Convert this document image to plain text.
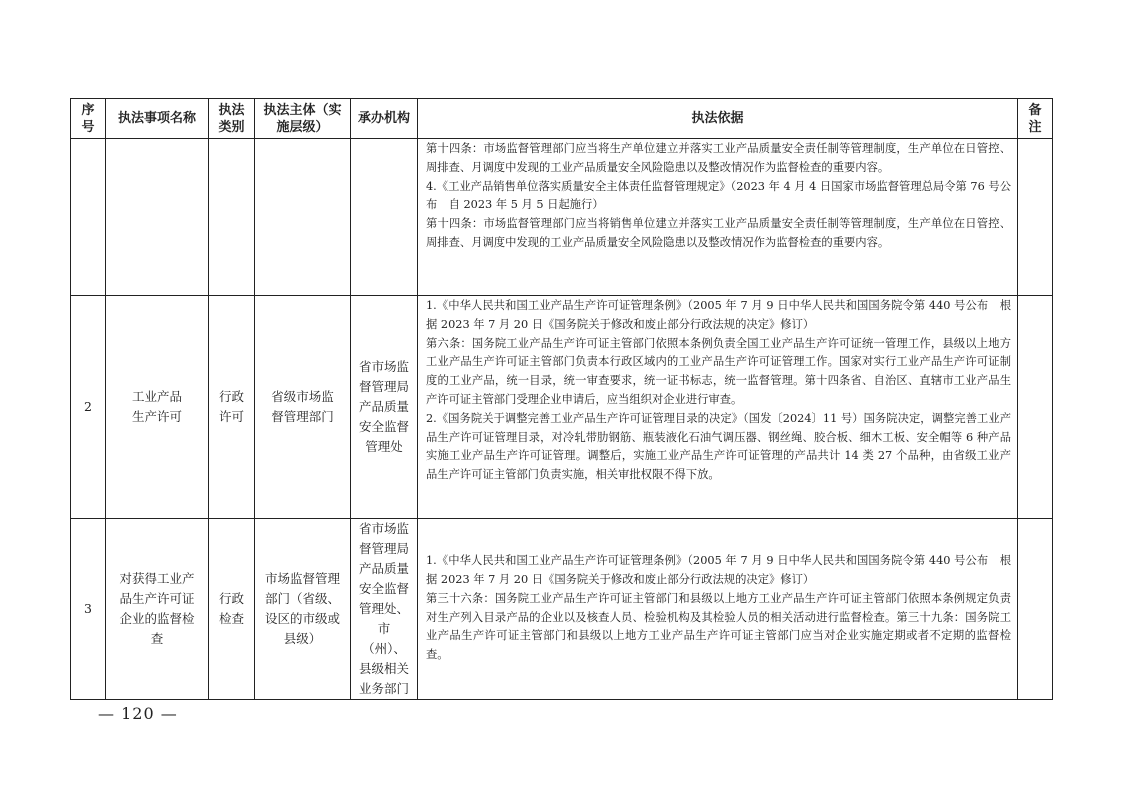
序号	执法事项名称	执法类别	执法主体（实施层级）	承办机构	执法依据	备注

					第十四条：市场监督管理部门应当将生产单位建立并落实工业产品质量安全责任制等管理制度，生产单位在日管控、周排查、月调度中发现的工业产品质量安全风险隐患以及整改情况作为监督检查的重要内容。

4.《工业产品销售单位落实质量安全主体责任监督管理规定》（2023 年 4 月 4 日国家市场监督管理总局令第 76 号公布　自 2023 年 5 月 5 日起施行）

第十四条：市场监督管理部门应当将销售单位建立并落实工业产品质量安全责任制等管理制度，生产单位在日管控、周排查、月调度中发现的工业产品质量安全风险隐患以及整改情况作为监督检查的重要内容。	

2	工业产品生产许可	行政许可	省级市场监督管理部门	省市场监督管理局产品质量安全监督管理处	1.《中华人民共和国工业产品生产许可证管理条例》（2005 年 7 月 9 日中华人民共和国国务院令第 440 号公布　根据 2023 年 7 月 20 日《国务院关于修改和废止部分行政法规的决定》修订）

第六条：国务院工业产品生产许可证主管部门依照本条例负责全国工业产品生产许可证统一管理工作，县级以上地方工业产品生产许可证主管部门负责本行政区域内的工业产品生产许可证管理工作。国家对实行工业产品生产许可证制度的工业产品，统一目录，统一审查要求，统一证书标志，统一监督管理。第十四条省、自治区、直辖市工业产品生产许可证主管部门受理企业申请后，应当组织对企业进行审查。

2.《国务院关于调整完善工业产品生产许可证管理目录的决定》（国发〔2024〕11 号）国务院决定，调整完善工业产品生产许可证管理目录，对冷轧带肋钢筋、瓶装液化石油气调压器、钢丝绳、胶合板、细木工板、安全帽等 6 种产品实施工业产品生产许可证管理。调整后，实施工业产品生产许可证管理的产品共计 14 类 27 个品种，由省级工业产品生产许可证主管部门负责实施，相关审批权限不得下放。	

3	对获得工业产品生产许可证企业的监督检查	行政检查	市场监督管理部门（省级、设区的市级或县级）	省市场监督管理局产品质量安全监督管理处、市（州）、县级相关业务部门	1.《中华人民共和国工业产品生产许可证管理条例》（2005 年 7 月 9 日中华人民共和国国务院令第 440 号公布　根据 2023 年 7 月 20 日《国务院关于修改和废止部分行政法规的决定》修订）

第三十六条：国务院工业产品生产许可证主管部门和县级以上地方工业产品生产许可证主管部门依照本条例规定负责对生产列入目录产品的企业以及核查人员、检验机构及其检验人员的相关活动进行监督检查。第三十九条：国务院工业产品生产许可证主管部门和县级以上地方工业产品生产许可证主管部门应当对企业实施定期或者不定期的监督检查。	

— 120 —
